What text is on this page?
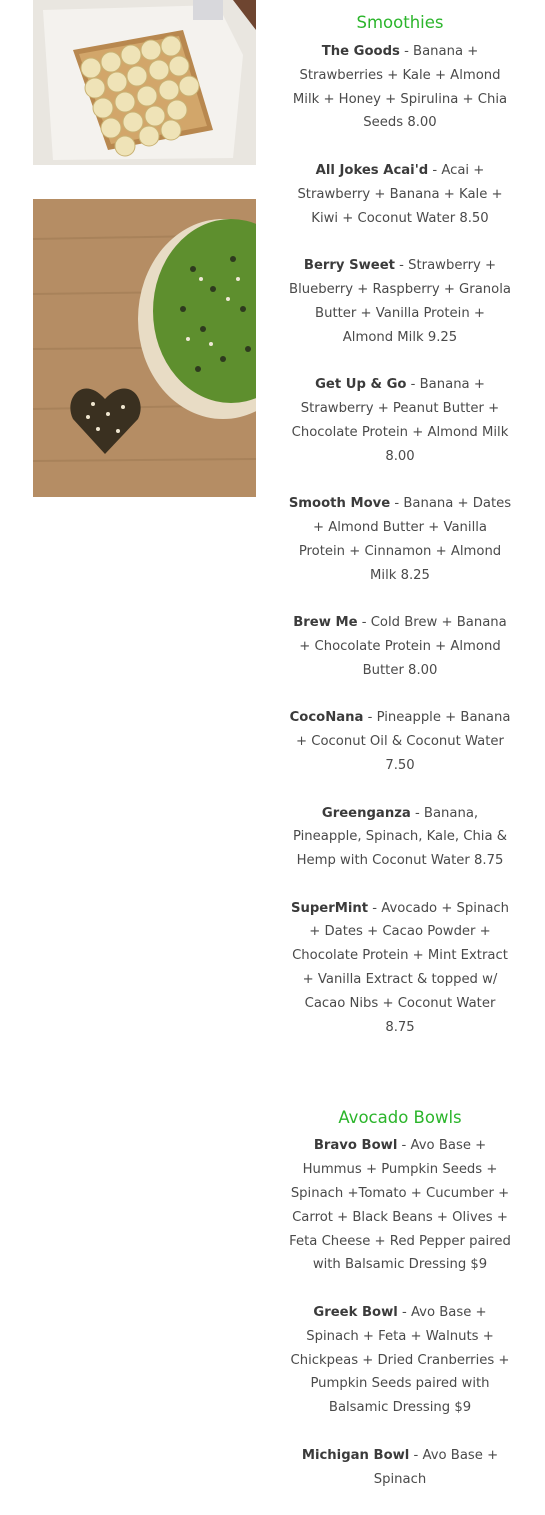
Smoothies

The Goods - Banana + Strawberries + Kale + Almond Milk + Honey + Spirulina + Chia Seeds 8.00

All Jokes Acai'd - Acai + Strawberry + Banana + Kale + Kiwi + Coconut Water 8.50

Berry Sweet - Strawberry + Blueberry + Raspberry + Granola Butter + Vanilla Protein + Almond Milk 9.25

Get Up & Go - Banana + Strawberry + Peanut Butter + Chocolate Protein + Almond Milk 8.00

Smooth Move - Banana + Dates + Almond Butter + Vanilla Protein + Cinnamon + Almond Milk 8.25

Brew Me - Cold Brew + Banana + Chocolate Protein + Almond Butter 8.00

CocoNana - Pineapple + Banana + Coconut Oil & Coconut Water 7.50

Greenganza - Banana, Pineapple, Spinach, Kale, Chia & Hemp with Coconut Water 8.75

SuperMint - Avocado + Spinach + Dates + Cacao Powder + Chocolate Protein + Mint Extract + Vanilla Extract & topped w/ Cacao Nibs + Coconut Water 8.75

Avocado Bowls

Bravo Bowl - Avo Base + Hummus + Pumpkin Seeds + Spinach +Tomato + Cucumber + Carrot + Black Beans + Olives + Feta Cheese + Red Pepper paired with Balsamic Dressing $9

Greek Bowl - Avo Base + Spinach + Feta + Walnuts + Chickpeas + Dried Cranberries + Pumpkin Seeds paired with Balsamic Dressing $9

Michigan Bowl - Avo Base + Spinach
